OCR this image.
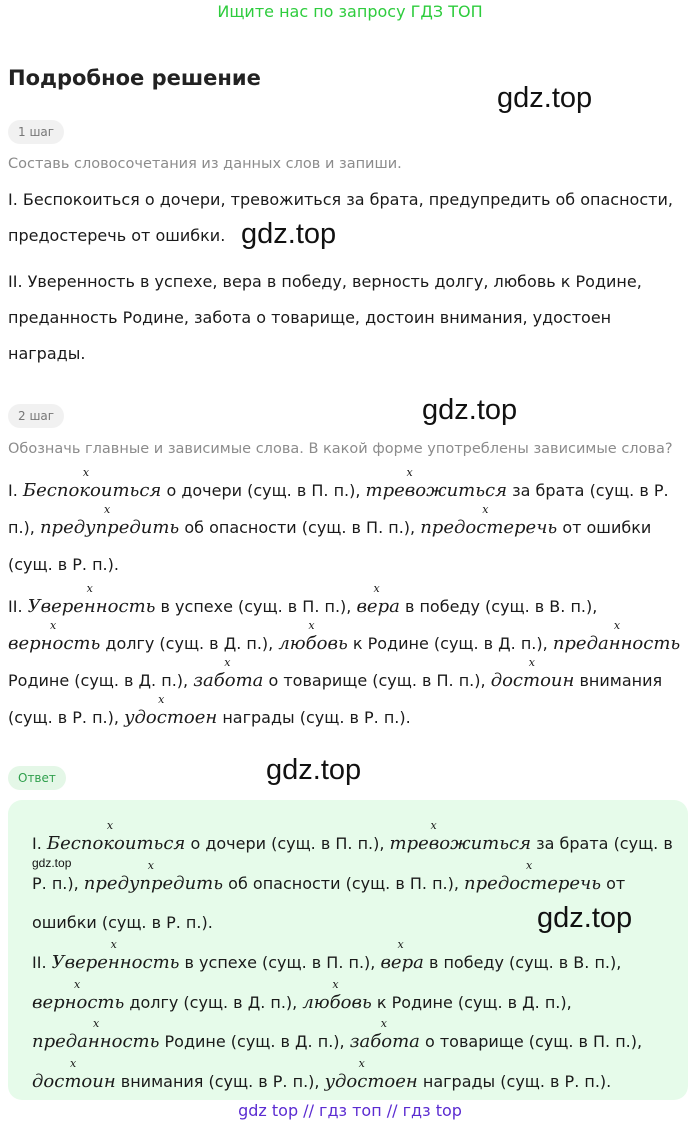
Ищите нас по запросу ГДЗ ТОП
Подробное решение
gdz.top
1 шаг
Составь словосочетания из данных слов и запиши.
I. Беспокоиться о дочери, тревожиться за брата, предупредить об опасности,
предостеречь от ошибки. gdz.top
II. Уверенность в успехе, вера в победу, верность долгу, любовь к Родине, преданность Родине, забота о товарище, достоин внимания, удостоен награды.
2 шаг	gdz.top
Обозначь главные и зависимые слова. В какой форме употреблены зависимые слова?
I. Беспокоиться
x
о дочери (сущ. в П. п.), тревожиться
x
за брата (сущ. в Р. п.), предупредить
x
об опасности (сущ. в П. п.), предостеречь
x
от ошибки (сущ. в Р. п.).
II. Уверенность
x
в успехе (сущ. в П. п.), вера
x
в победу (сущ. в В. п.), верность
x
долгу (сущ. в Д. п.), любовь
x
к Родине (сущ. в Д. п.), преданность
x
Родине (сущ. в Д. п.), забота
x
о товарище (сущ. в П. п.), достоин
x
внимания (сущ. в Р. п.), удостоен
x
награды (сущ. в Р. п.).
Ответ	gdz.top
I. Беспокоиться
x
о дочери (сущ. в П. п.), тревожиться
x
за брата (сущ. в Р. п.), предупредить
x
об опасности (сущ. в П. п.), предостеречь
x
от ошибки (сущ. в Р. п.).
gdz.top
gdz.top
II. Уверенность
x
в успехе (сущ. в П. п.), вера
x
в победу (сущ. в В. п.), верность
x
долгу (сущ. в Д. п.), любовь
x
к Родине (сущ. в Д. п.), преданность
x
Родине (сущ. в Д. п.), забота
x
о товарище (сущ. в П. п.), достоин
x
внимания (сущ. в Р. п.), удостоен
x
награды (сущ. в Р. п.).
gdz top // гдз топ // гдз top
